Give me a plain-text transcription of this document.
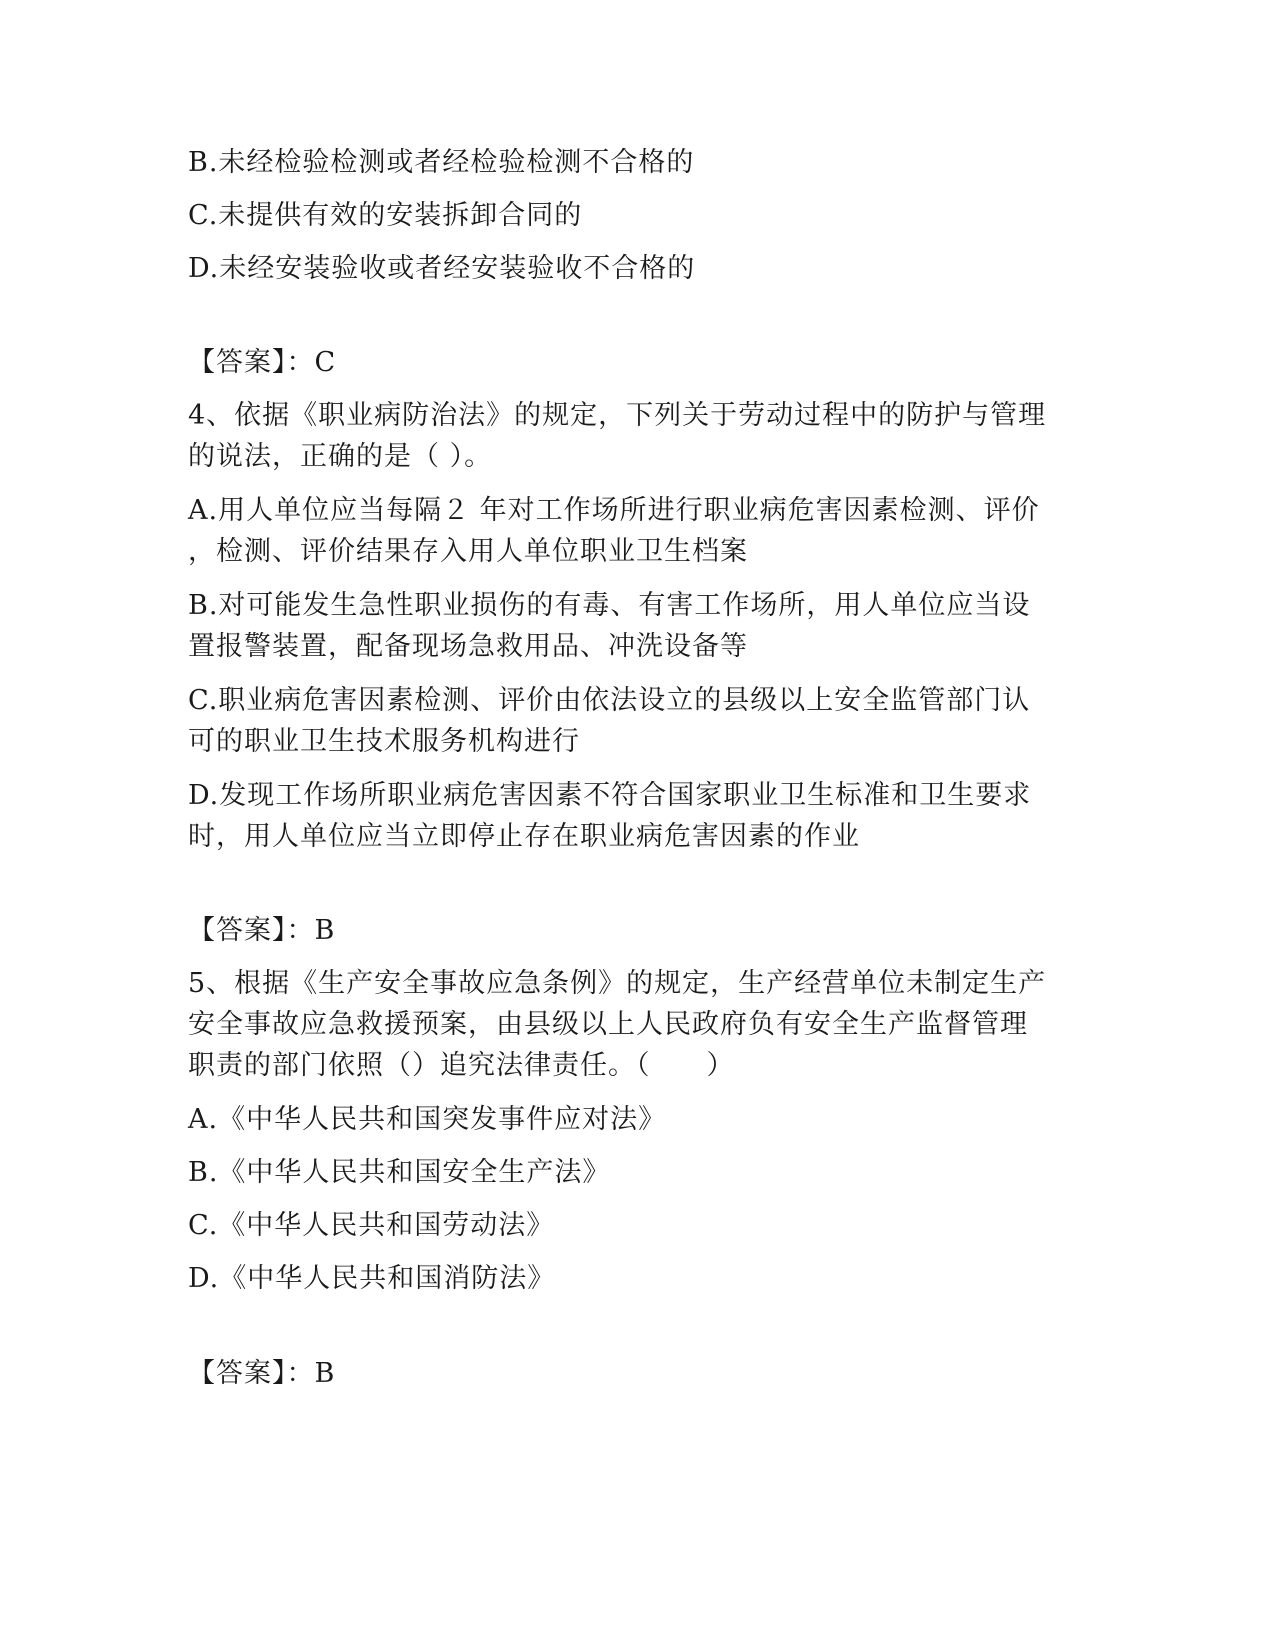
B.未经检验检测或者经检验检测不合格的
C.未提供有效的安装拆卸合同的
D.未经安装验收或者经安装验收不合格的
【答案】：C
4、依据《职业病防治法》的规定，下列关于劳动过程中的防护与管理
的说法，正确的是（ ）。
A.用人单位应当每隔２ 年对工作场所进行职业病危害因素检测、评价
，检测、评价结果存入用人单位职业卫生档案
B.对可能发生急性职业损伤的有毒、有害工作场所，用人单位应当设
置报警装置，配备现场急救用品、冲洗设备等
C.职业病危害因素检测、评价由依法设立的县级以上安全监管部门认
可的职业卫生技术服务机构进行
D.发现工作场所职业病危害因素不符合国家职业卫生标准和卫生要求
时，用人单位应当立即停止存在职业病危害因素的作业
【答案】：B
5、根据《生产安全事故应急条例》的规定，生产经营单位未制定生产
安全事故应急救援预案，由县级以上人民政府负有安全生产监督管理
职责的部门依照（）追究法律责任。（　　）
A.《中华人民共和国突发事件应对法》
B.《中华人民共和国安全生产法》
C.《中华人民共和国劳动法》
D.《中华人民共和国消防法》
【答案】：B
